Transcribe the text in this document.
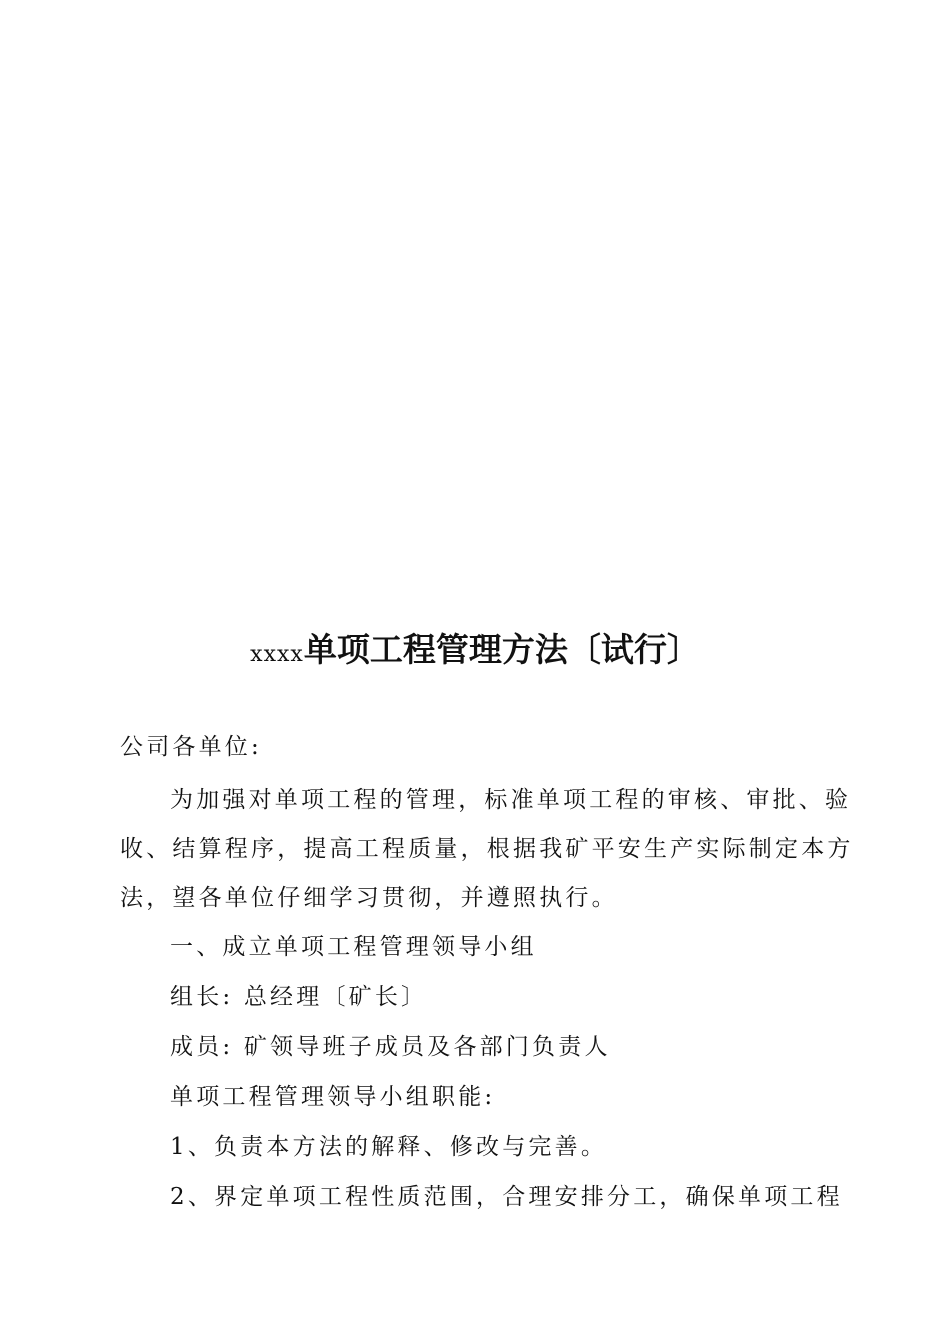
xxxx单项工程管理方法〔试行〕
公司各单位:
为加强对单项工程的管理，标准单项工程的审核、审批、验
收、结算程序，提高工程质量，根据我矿平安生产实际制定本方
法，望各单位仔细学习贯彻，并遵照执行。
一、成立单项工程管理领导小组
组长: 总经理〔矿长〕
成员: 矿领导班子成员及各部门负责人
单项工程管理领导小组职能:
1、负责本方法的解释、修改与完善。
2、界定单项工程性质范围，合理安排分工，确保单项工程
